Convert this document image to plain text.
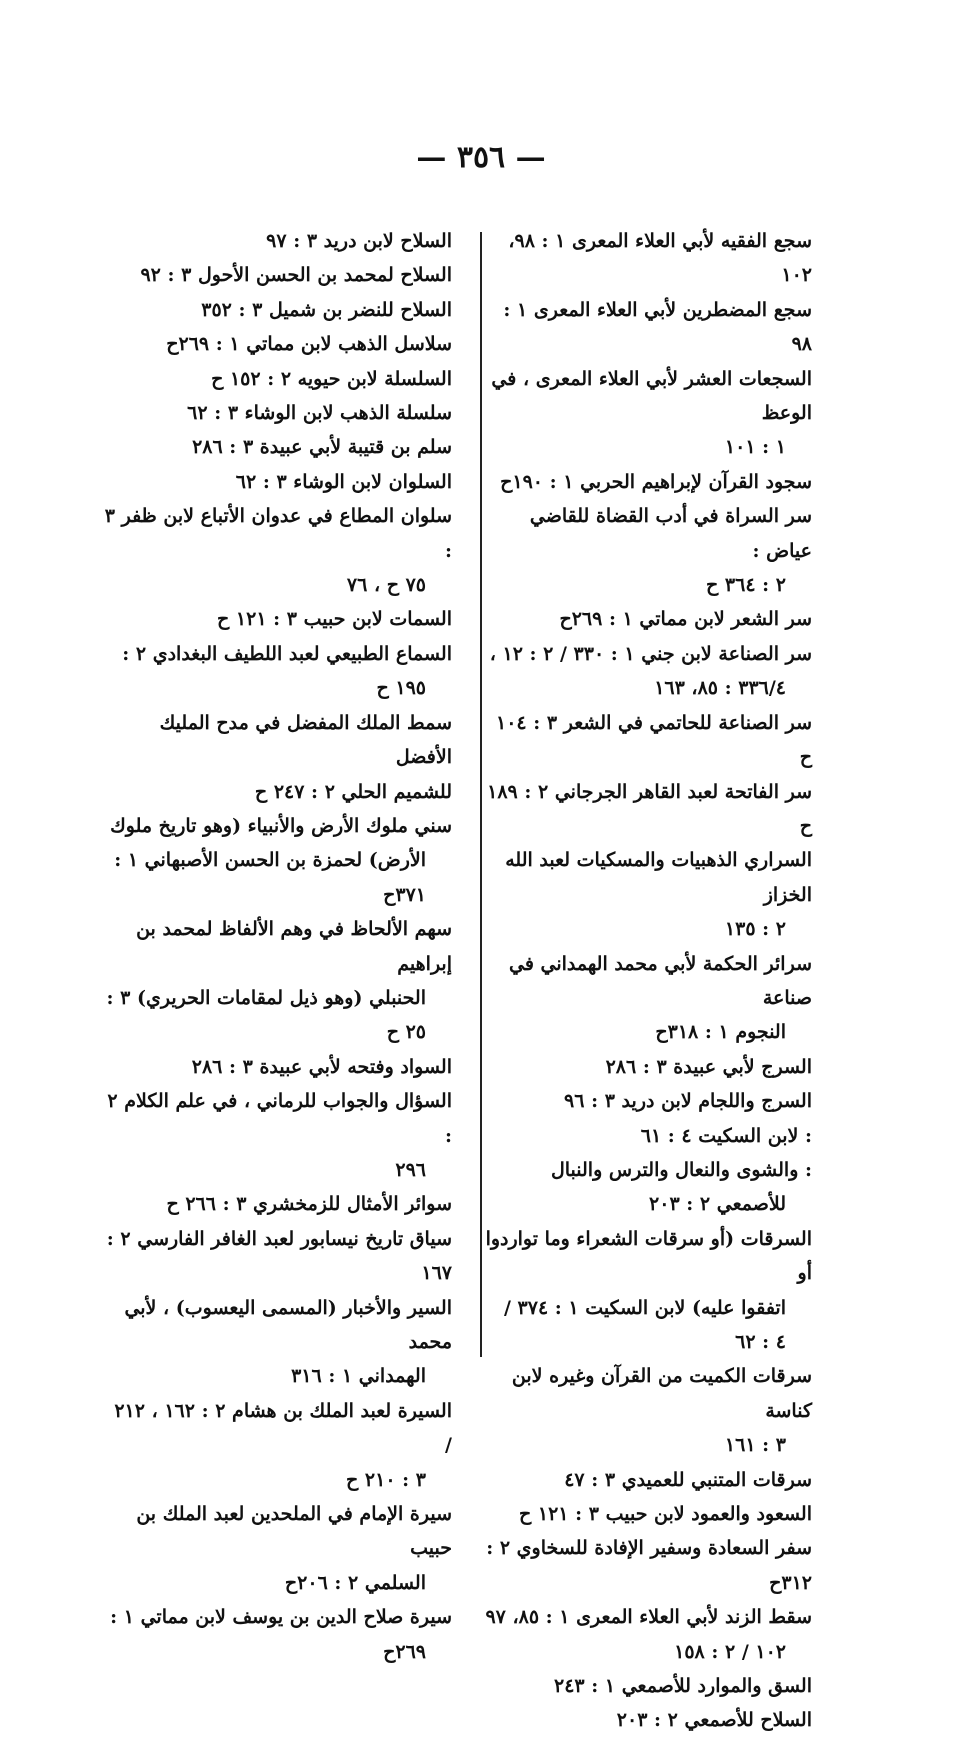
— ٣٥٦ —
سجع الفقيه لأبي العلاء المعرى ١ : ٩٨، ١٠٢
سجع المضطرين لأبي العلاء المعرى ١ : ٩٨
السجعات العشر لأبي العلاء المعرى ، في الوعظ
١ : ١٠١
سجود القرآن لإبراهيم الحربي ١ : ١٩٠ح
سر السراة في أدب القضاة للقاضي عياض :
٢ : ٣٦٤ ح
سر الشعر لابن مماتي ١ : ٢٦٩ح
سر الصناعة لابن جني ١ : ٣٣٠ / ٢ : ١٢ ،
٣٣٦/٤ : ٨٥، ١٦٣
سر الصناعة للحاتمي في الشعر ٣ : ١٠٤ ح
سر الفاتحة لعبد القاهر الجرجاني ٢ : ١٨٩ ح
السراري الذهبيات والمسكيات لعبد الله الخزاز
٢ : ١٣٥
سرائر الحكمة لأبي محمد الهمداني في صناعة
النجوم ١ : ٣١٨ح
السرج لأبي عبيدة ٣ : ٢٨٦
السرج واللجام لابن دريد ٣ : ٩٦
: لابن السكيت ٤ : ٦١
: والشوى والنعال والترس والنبال
للأصمعي ٢ : ٢٠٣
السرقات (أو سرقات الشعراء وما تواردوا أو
اتفقوا عليه) لابن السكيت ١ : ٣٧٤ /
٤ : ٦٢
سرقات الكميت من القرآن وغيره لابن كناسة
٣ : ١٦١
سرقات المتنبي للعميدي ٣ : ٤٧
السعود والعمود لابن حبيب ٣ : ١٢١ ح
سفر السعادة وسفير الإفادة للسخاوي ٢ : ٣١٢ح
سقط الزند لأبي العلاء المعرى ١ : ٨٥، ٩٧
١٠٢ / ٢ : ١٥٨
السق والموارد للأصمعي ١ : ٢٤٣
السلاح للأصمعي ٢ : ٢٠٣
السلاح لابن دريد ٣ : ٩٧
السلاح لمحمد بن الحسن الأحول ٣ : ٩٢
السلاح للنضر بن شميل ٣ : ٣٥٢
سلاسل الذهب لابن مماتي ١ : ٢٦٩ح
السلسلة لابن حيويه ٢ : ١٥٢ ح
سلسلة الذهب لابن الوشاء ٣ : ٦٢
سلم بن قتيبة لأبي عبيدة ٣ : ٢٨٦
السلوان لابن الوشاء ٣ : ٦٢
سلوان المطاع في عدوان الأتباع لابن ظفر ٣ :
٧٥ ح ، ٧٦
السمات لابن حبيب ٣ : ١٢١ ح
السماع الطبيعي لعبد اللطيف البغدادي ٢ :
١٩٥ ح
سمط الملك المفضل في مدح المليك الأفضل
للشميم الحلي ٢ : ٢٤٧ ح
سني ملوك الأرض والأنبياء (وهو تاريخ ملوك
الأرض) لحمزة بن الحسن الأصبهاني ١ :
٣٧١ح
سهم الألحاظ في وهم الألفاظ لمحمد بن إبراهيم
الحنبلي (وهو ذيل لمقامات الحريري) ٣ :
٢٥ ح
السواد وفتحه لأبي عبيدة ٣ : ٢٨٦
السؤال والجواب للرماني ، في علم الكلام ٢ :
٢٩٦
سوائر الأمثال للزمخشري ٣ : ٢٦٦ ح
سياق تاريخ نيسابور لعبد الغافر الفارسي ٢ : ١٦٧
السير والأخبار (المسمى اليعسوب) ، لأبي محمد
الهمداني ١ : ٣١٦
السيرة لعبد الملك بن هشام ٢ : ١٦٢ ، ٢١٢ /
٣ : ٢١٠ ح
سيرة الإمام في الملحدين لعبد الملك بن حبيب
السلمي ٢ : ٢٠٦ح
سيرة صلاح الدين بن يوسف لابن مماتي ١ :
٢٦٩ح
